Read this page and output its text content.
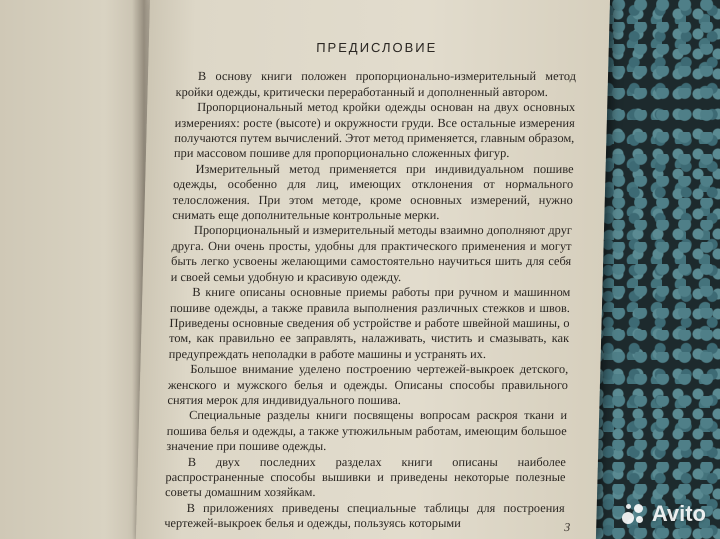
ПРЕДИСЛОВИЕ

В основу книги положен пропорционально-измерительный метод кройки одежды, критически переработанный и дополненный автором.

Пропорциональный метод кройки одежды основан на двух основных измерениях: росте (высоте) и окружности груди. Все остальные измерения получаются путем вычислений. Этот метод применяется, главным образом, при массовом пошиве для пропорционально сложенных фигур.

Измерительный метод применяется при индивидуальном пошиве одежды, особенно для лиц, имеющих отклонения от нормального телосложения. При этом методе, кроме основных измерений, нужно снимать еще дополнительные контрольные мерки.

Пропорциональный и измерительный методы взаимно дополняют друг друга. Они очень просты, удобны для практического применения и могут быть легко усвоены желающими самостоятельно научиться шить для себя и своей семьи удобную и красивую одежду.

В книге описаны основные приемы работы при ручном и машинном пошиве одежды, а также правила выполнения различных стежков и швов. Приведены основные сведения об устройстве и работе швейной машины, о том, как правильно ее заправлять, налаживать, чистить и смазывать, как предупреждать неполадки в работе машины и устранять их.

Большое внимание уделено построению чертежей-выкроек детского, женского и мужского белья и одежды. Описаны способы правильного снятия мерок для индивидуального пошива.

Специальные разделы книги посвящены вопросам раскроя ткани и пошива белья и одежды, а также утюжильным работам, имеющим большое значение при пошиве одежды.

В двух последних разделах книги описаны наиболее распространенные способы вышивки и приведены некоторые полезные советы домашним хозяйкам.

В приложениях приведены специальные таблицы для построения чертежей-выкроек белья и одежды, пользуясь которыми	3
Avito
